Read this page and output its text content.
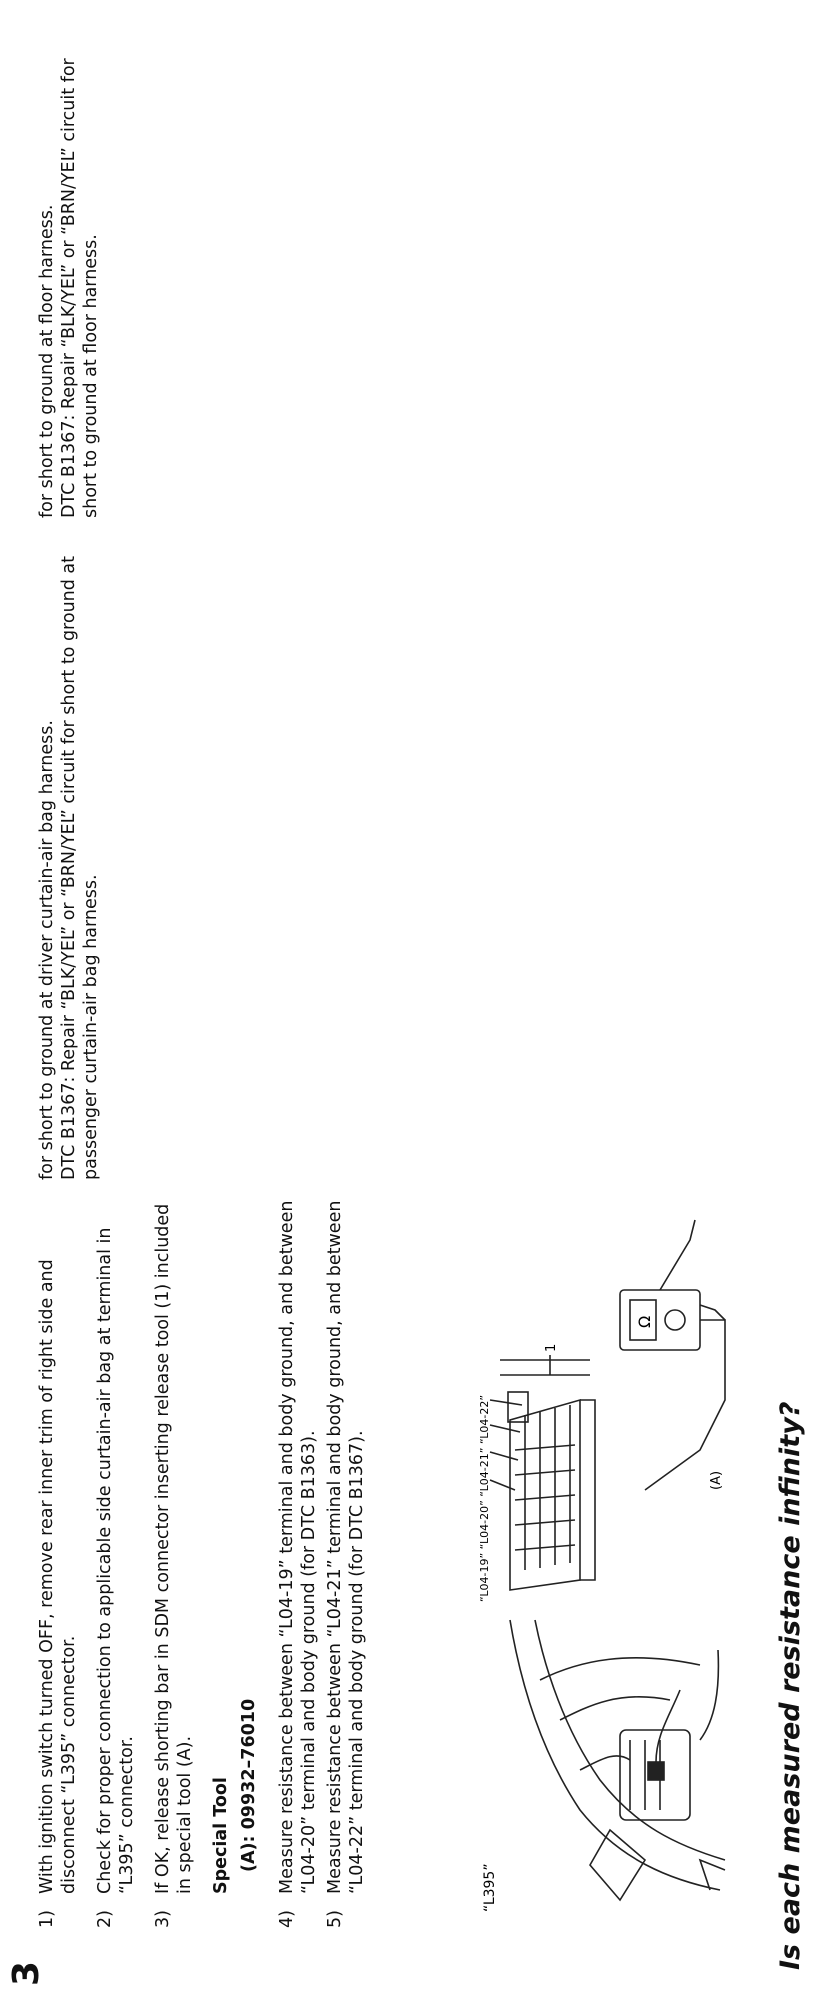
3
1)
With ignition switch turned OFF, remove rear inner trim of right side and disconnect “L395” connector.
2)
Check for proper connection to applicable side curtain-air bag at terminal in “L395” connector.
3)
If OK, release shorting bar in SDM connector inserting release tool (1) included in special tool (A). Special Tool (A): 09932–76010
4)
Measure resistance between “L04-19” terminal and body ground, and between “L04-20” terminal and body ground (for DTC B1363).
5)
Measure resistance between “L04-21” terminal and body ground, and between “L04-22” terminal and body ground (for DTC B1367).	“L395”
“L04-19” “L04-20” “L04-21” “L04-22”
1
(A)
Ω
Is each measured resistance infinity?

for short to ground at driver curtain-air bag harness. DTC B1367: Repair “BLK/YEL” or “BRN/YEL” circuit for short to ground at passenger curtain-air bag harness.

for short to ground at floor harness. DTC B1367: Repair “BLK/YEL” or “BRN/YEL” circuit for short to ground at floor harness.
